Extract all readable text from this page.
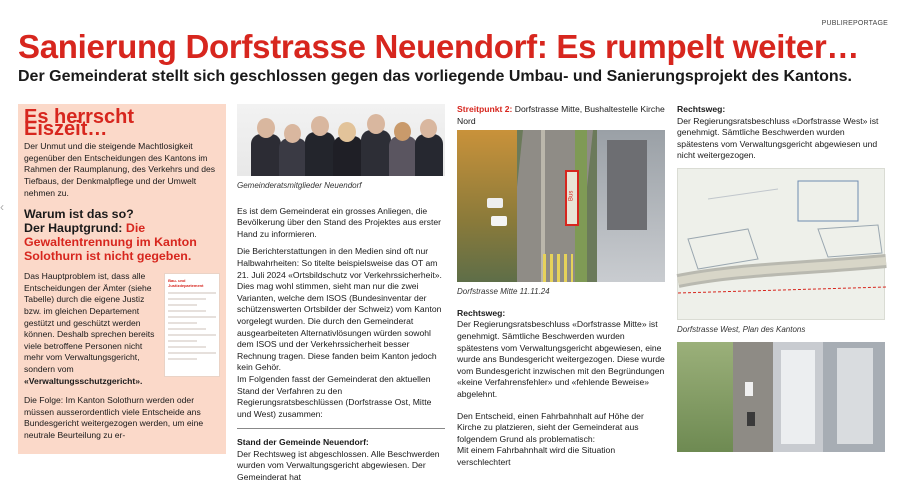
PUBLIREPORTAGE
Sanierung Dorfstrasse Neuendorf: Es rumpelt weiter…
Der Gemeinderat stellt sich geschlossen gegen das vorliegende Umbau- und Sanierungsprojekt des Kantons.
‹
Es herrscht Eiszeit…

Der Unmut und die steigende Machtlosigkeit gegenüber den Entscheidungen des Kantons im Rahmen der Raumplanung, des Verkehrs und des Tiefbaus, der Denkmalpflege und der Umwelt nehmen zu.

Warum ist das so?
Der Hauptgrund: Die Gewaltentrennung im Kanton Solothurn ist nicht gegeben.
Das Hauptproblem ist, dass alle Entscheidungen der Ämter (siehe Tabelle) durch die eigene Justiz bzw. im gleichen Departement gestützt und geschützt werden können. Deshalb sprechen bereits viele betroffene Personen nicht mehr vom Verwaltungsgericht, sondern vom «Verwaltungsschutzgericht».
Bau- und Justizdepartement

Die Folge: Im Kanton Solothurn werden oder müssen ausserordentlich viele Entscheide ans Bundesgericht weitergezogen werden, um eine neutrale Beurteilung zu er-

Gemeinderatsmitglieder Neuendorf

Es ist dem Gemeinderat ein grosses Anliegen, die Bevölkerung über den Stand des Projektes aus erster Hand zu informieren.

Die Berichterstattungen in den Medien sind oft nur Halbwahrheiten: So titelte beispielsweise das OT am 21. Juli 2024 «Ortsbildschutz vor Verkehrssicherheit». Dies mag wohl stimmen, sieht man nur die zwei Varianten, welche dem ISOS (Bundesinventar der schützenswerten Ortsbilder der Schweiz) vom Kanton vorgelegt wurden. Die durch den Gemeinderat ausgearbeiteten Alternativlösungen würden sowohl dem ISOS und der Verkehrssicherheit besser Rechnung tragen. Diese fanden beim Kanton jedoch kein Gehör.

Im Folgenden fasst der Gemeinderat den aktuellen Stand der Verfahren zu den Regierungsratsbeschlüssen (Dorfstrasse Ost, Mitte und West) zusammen:

Stand der Gemeinde Neuendorf:

Der Rechtsweg ist abgeschlossen. Alle Beschwerden wurden vom Verwaltungsgericht abgewiesen. Der Gemeinderat hat

Streitpunkt 2: Dorfstrasse Mitte, Bushaltestelle Kirche Nord
Bus
Dorfstrasse Mitte 11.11.24
Rechtsweg:

Der Regierungsratsbeschluss «Dorfstrasse Mitte» ist genehmigt. Sämtliche Beschwerden wurden spätestens vom Verwaltungsgericht abgewiesen, eine wurde ans Bundesgericht weitergezogen. Diese wurde vom Bundesgericht inzwischen mit den Begründungen «keine Verfahrensfehler» und «fehlende Beweise» abgelehnt.

Den Entscheid, einen Fahrbahnhalt auf Höhe der Kirche zu platzieren, sieht der Gemeinderat aus folgendem Grund als problematisch:

Mit einem Fahrbahnhalt wird die Situation verschlechtert

Rechtsweg:

Der Regierungsratsbeschluss «Dorfstrasse West» ist genehmigt. Sämtliche Beschwerden wurden spätestens vom Verwaltungsgericht abgewiesen und nicht weitergezogen.

Dorfstrasse West, Plan des Kantons
